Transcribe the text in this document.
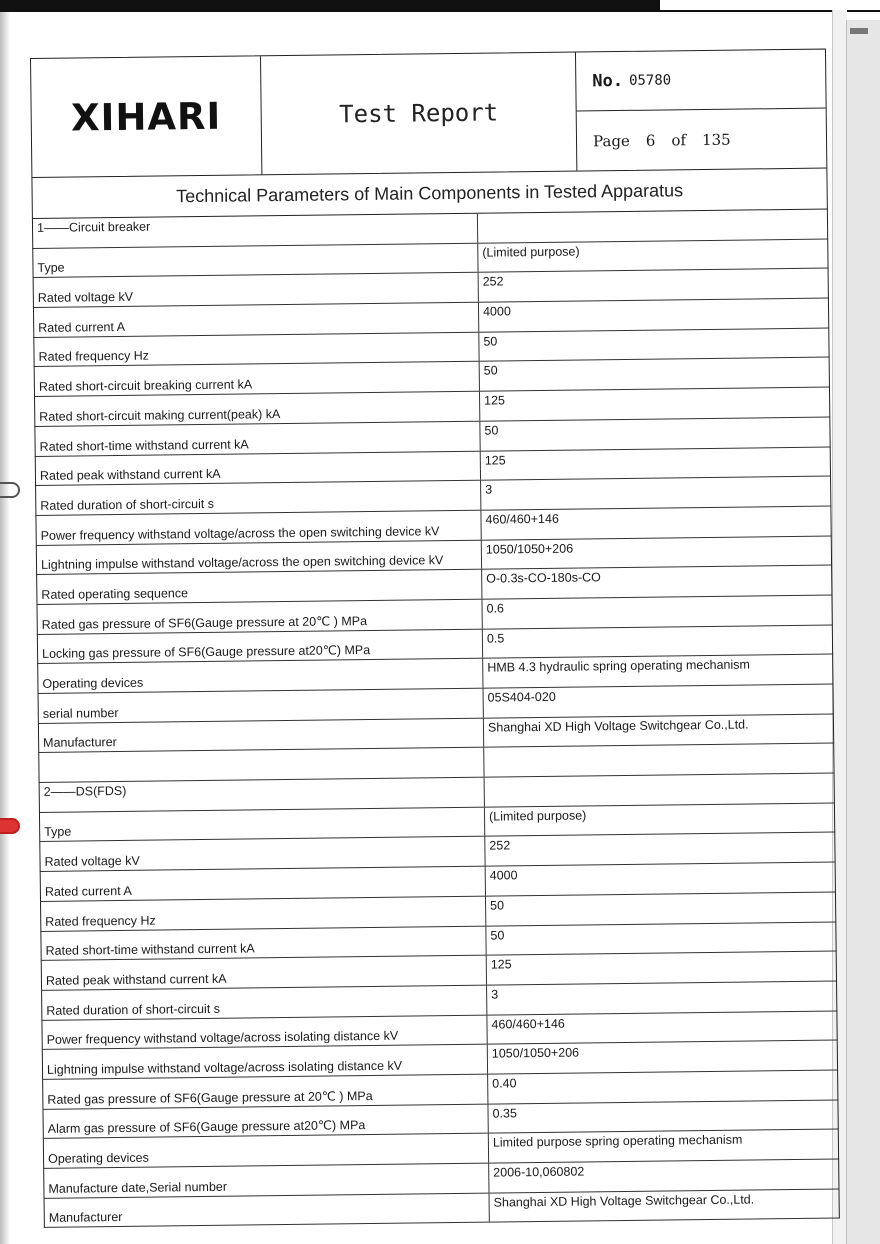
XIHARI	Test Report
No. 05780
Page 6 of 135
Technical Parameters of Main Components in Tested Apparatus
1——Circuit breaker
Type
(Limited purpose)
Rated voltage kV
252
Rated current A
4000
Rated frequency Hz
50
Rated short-circuit breaking current kA
50
Rated short-circuit making current(peak) kA
125
Rated short-time withstand current kA
50
Rated peak withstand current kA
125
Rated duration of short-circuit s
3
Power frequency withstand voltage/across the open switching device kV
460/460+146
Lightning impulse withstand voltage/across the open switching device kV
1050/1050+206
Rated operating sequence
O-0.3s-CO-180s-CO
Rated gas pressure of SF6(Gauge pressure at 20℃ ) MPa
0.6
Locking gas pressure of SF6(Gauge pressure at20℃) MPa
0.5
Operating devices
HMB 4.3 hydraulic spring operating mechanism
serial number
05S404-020
Manufacturer
Shanghai XD High Voltage Switchgear Co.,Ltd.
2——DS(FDS)
Type
(Limited purpose)
Rated voltage kV
252
Rated current A
4000
Rated frequency Hz
50
Rated short-time withstand current kA
50
Rated peak withstand current kA
125
Rated duration of short-circuit s
3
Power frequency withstand voltage/across isolating distance kV
460/460+146
Lightning impulse withstand voltage/across isolating distance kV
1050/1050+206
Rated gas pressure of SF6(Gauge pressure at 20℃ ) MPa
0.40
Alarm gas pressure of SF6(Gauge pressure at20℃) MPa
0.35
Operating devices
Limited purpose spring operating mechanism
Manufacture date,Serial number
2006-10,060802
Manufacturer
Shanghai XD High Voltage Switchgear Co.,Ltd.
